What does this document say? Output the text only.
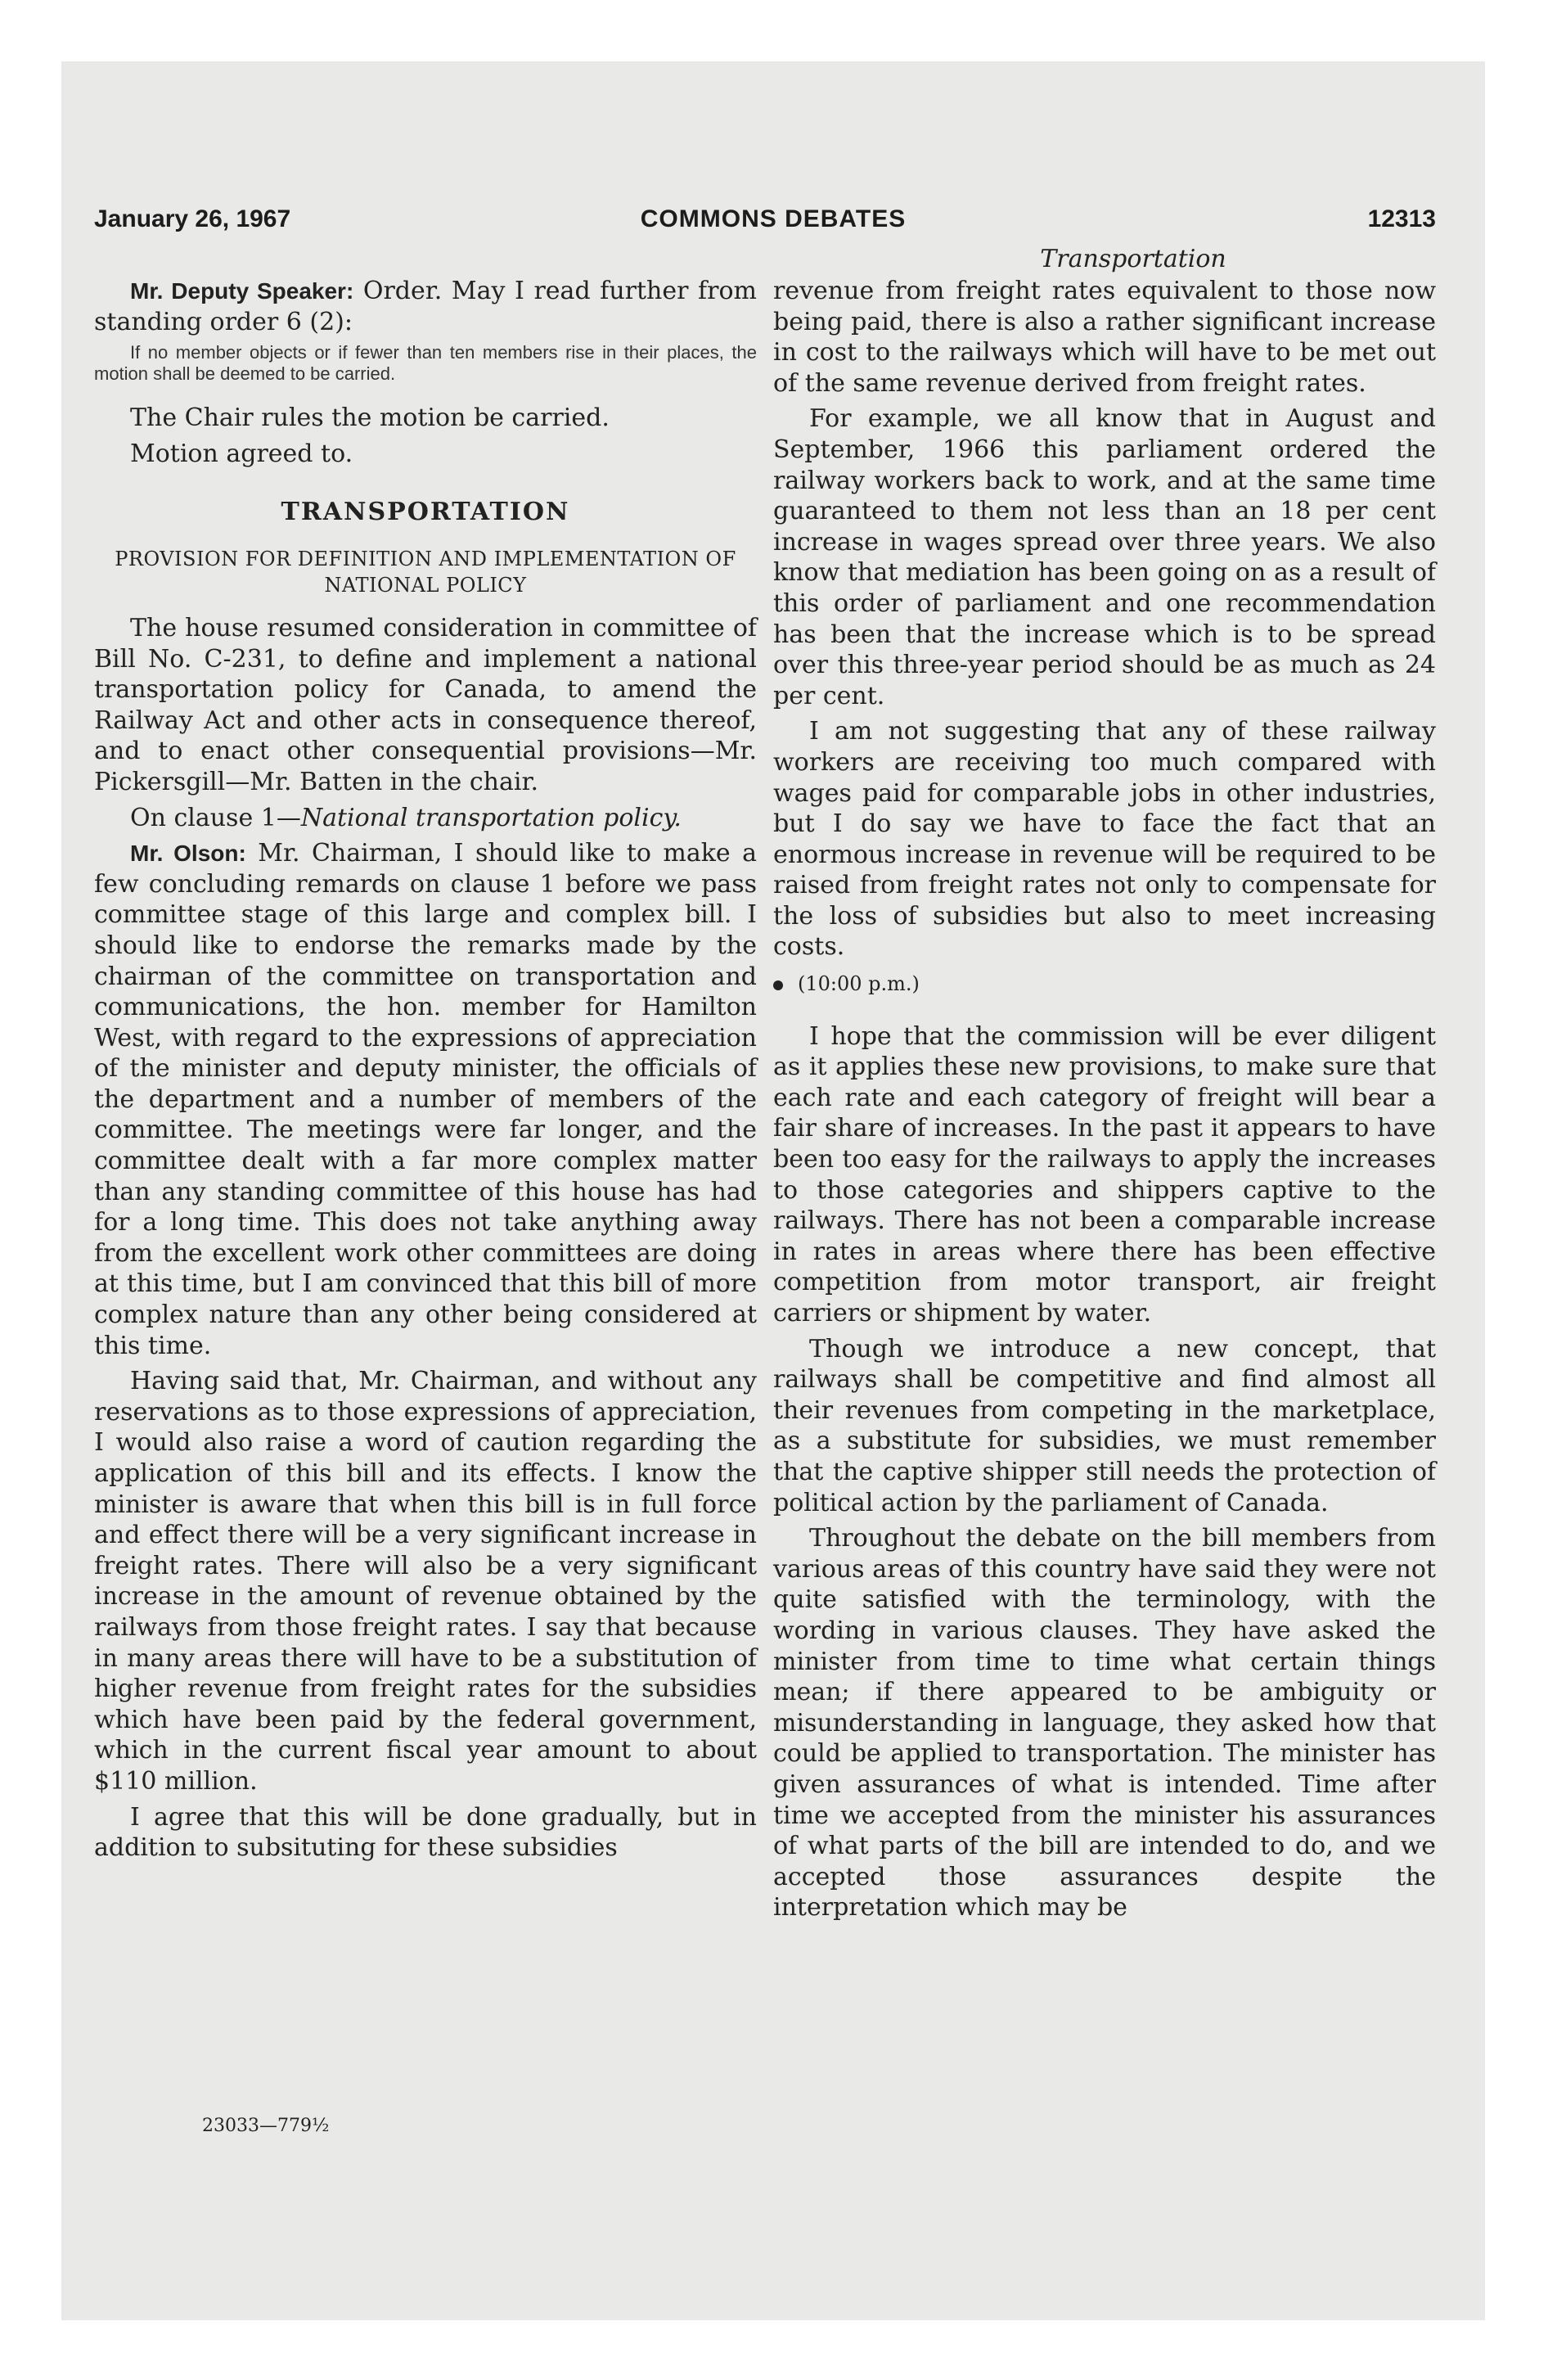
January 26, 1967	COMMONS DEBATES	12313
Transportation

Mr. Deputy Speaker: Order. May I read further from standing order 6 (2):

If no member objects or if fewer than ten members rise in their places, the motion shall be deemed to be carried.

The Chair rules the motion be carried.

Motion agreed to.

TRANSPORTATION

PROVISION FOR DEFINITION AND IMPLEMENTATION OF NATIONAL POLICY

The house resumed consideration in committee of Bill No. C-231, to define and implement a national transportation policy for Canada, to amend the Railway Act and other acts in consequence thereof, and to enact other consequential provisions—Mr. Pickersgill—Mr. Batten in the chair.

On clause 1—National transportation policy.

Mr. Olson: Mr. Chairman, I should like to make a few concluding remards on clause 1 before we pass committee stage of this large and complex bill. I should like to endorse the remarks made by the chairman of the committee on transportation and communications, the hon. member for Hamilton West, with regard to the expressions of appreciation of the minister and deputy minister, the officials of the department and a number of members of the committee. The meetings were far longer, and the committee dealt with a far more complex matter than any standing committee of this house has had for a long time. This does not take anything away from the excellent work other committees are doing at this time, but I am convinced that this bill of more complex nature than any other being considered at this time.

Having said that, Mr. Chairman, and without any reservations as to those expressions of appreciation, I would also raise a word of caution regarding the application of this bill and its effects. I know the minister is aware that when this bill is in full force and effect there will be a very significant increase in freight rates. There will also be a very significant increase in the amount of revenue obtained by the railways from those freight rates. I say that because in many areas there will have to be a substitution of higher revenue from freight rates for the subsidies which have been paid by the federal government, which in the current fiscal year amount to about $110 million.

I agree that this will be done gradually, but in addition to subsituting for these subsidies

23033—779½

revenue from freight rates equivalent to those now being paid, there is also a rather significant increase in cost to the railways which will have to be met out of the same revenue derived from freight rates.

For example, we all know that in August and September, 1966 this parliament ordered the railway workers back to work, and at the same time guaranteed to them not less than an 18 per cent increase in wages spread over three years. We also know that mediation has been going on as a result of this order of parliament and one recommendation has been that the increase which is to be spread over this three-year period should be as much as 24 per cent.

I am not suggesting that any of these railway workers are receiving too much compared with wages paid for comparable jobs in other industries, but I do say we have to face the fact that an enormous increase in revenue will be required to be raised from freight rates not only to compensate for the loss of subsidies but also to meet increasing costs.

(10:00 p.m.)

I hope that the commission will be ever diligent as it applies these new provisions, to make sure that each rate and each category of freight will bear a fair share of increases. In the past it appears to have been too easy for the railways to apply the increases to those categories and shippers captive to the railways. There has not been a comparable increase in rates in areas where there has been effective competition from motor transport, air freight carriers or shipment by water.

Though we introduce a new concept, that railways shall be competitive and find almost all their revenues from competing in the marketplace, as a substitute for subsidies, we must remember that the captive shipper still needs the protection of political action by the parliament of Canada.

Throughout the debate on the bill members from various areas of this country have said they were not quite satisfied with the terminology, with the wording in various clauses. They have asked the minister from time to time what certain things mean; if there appeared to be ambiguity or misunderstanding in language, they asked how that could be applied to transportation. The minister has given assurances of what is intended. Time after time we accepted from the minister his assurances of what parts of the bill are intended to do, and we accepted those assurances despite the interpretation which may be
